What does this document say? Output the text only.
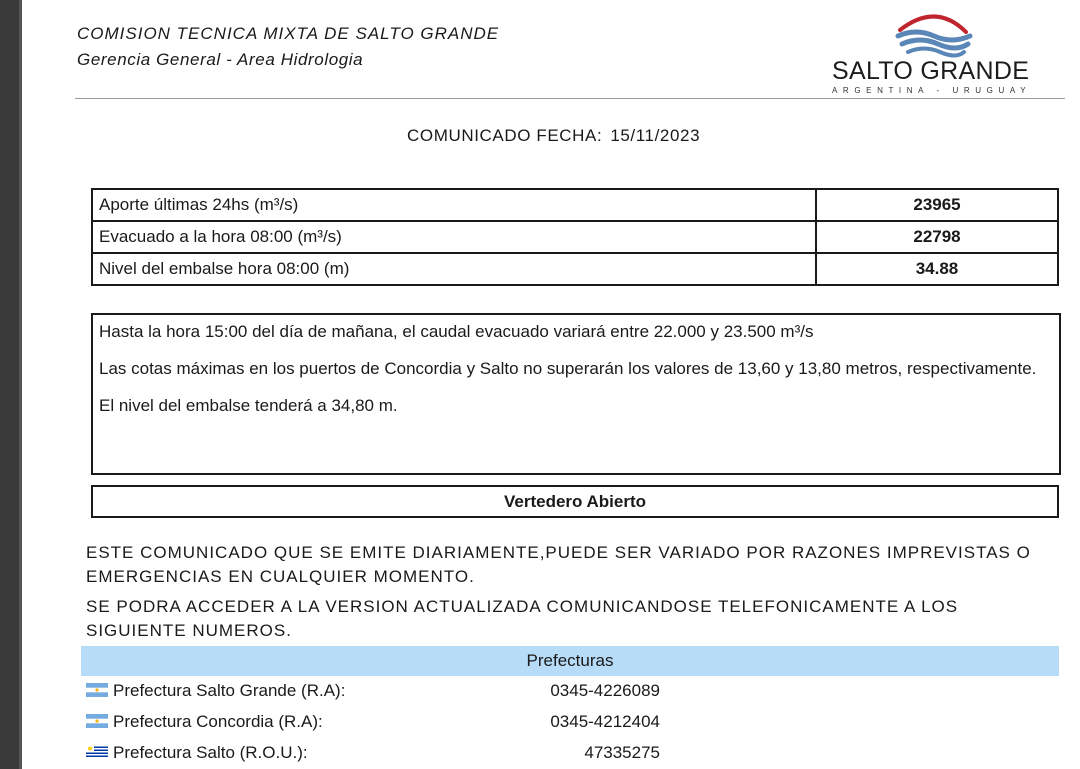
COMISION TECNICA MIXTA DE SALTO GRANDE
Gerencia General - Area Hidrologia	SALTO GRANDE
ARGENTINA - URUGUAY
COMUNICADO FECHA: 15/11/2023
Aporte últimas 24hs (m³/s)	23965
Evacuado a la hora 08:00 (m³/s)	22798
Nivel del embalse hora 08:00 (m)	34.88

Hasta la hora 15:00 del día de mañana, el caudal evacuado variará entre 22.000 y 23.500 m³/s

Las cotas máximas en los puertos de Concordia y Salto no superarán los valores de 13,60 y 13,80 metros, respectivamente.

El nivel del embalse tenderá a 34,80 m.

Vertedero Abierto
ESTE COMUNICADO QUE SE EMITE DIARIAMENTE,PUEDE SER VARIADO POR RAZONES IMPREVISTAS O EMERGENCIAS EN CUALQUIER MOMENTO.
SE PODRA ACCEDER A LA VERSION ACTUALIZADA COMUNICANDOSE TELEFONICAMENTE A LOS SIGUIENTE NUMEROS.
Prefecturas
Prefectura Salto Grande (R.A):	0345-4226089
Prefectura Concordia (R.A):	0345-4212404
Prefectura Salto (R.O.U.):	47335275
